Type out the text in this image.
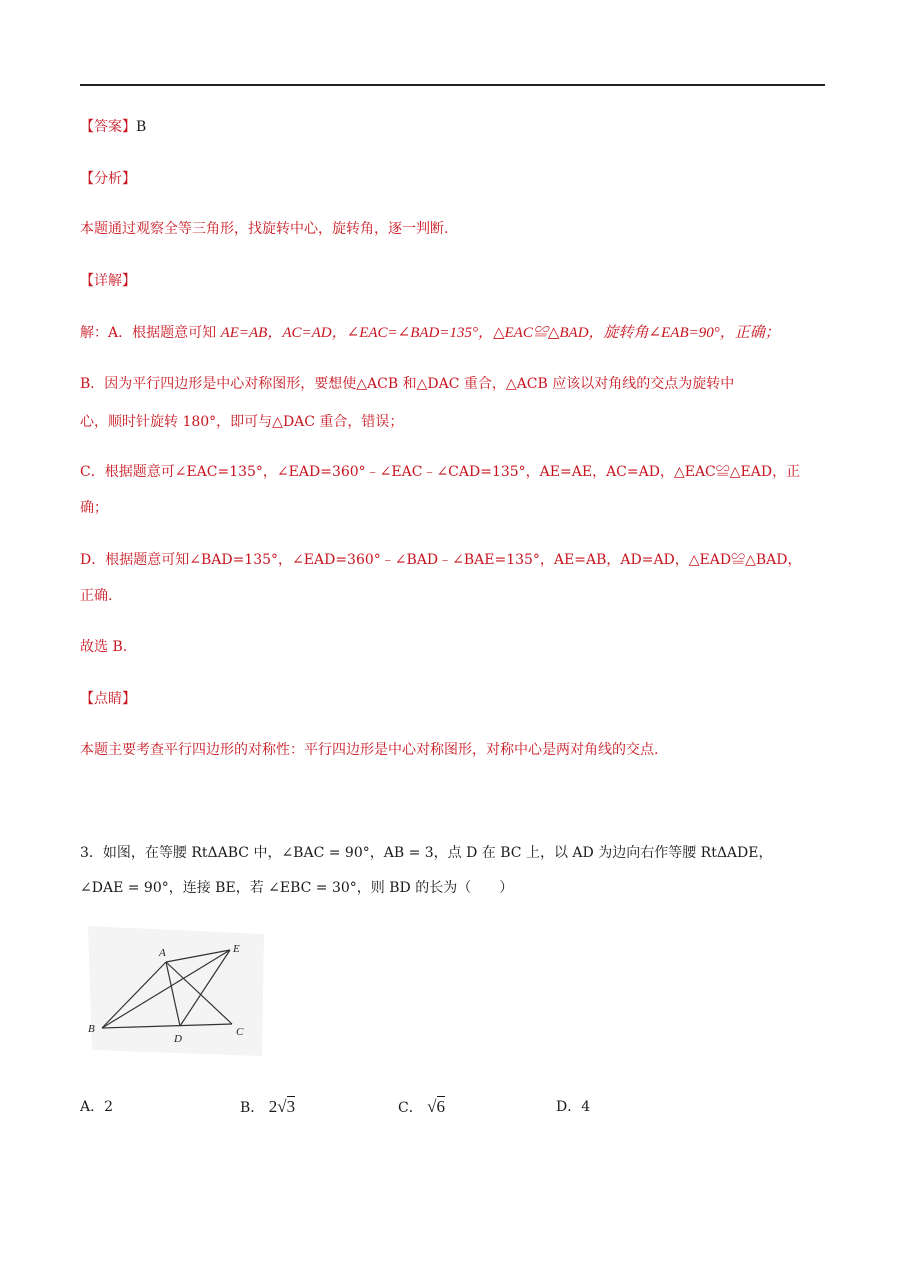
【答案】B
【分析】
本题通过观察全等三角形，找旋转中心，旋转角，逐一判断.
【详解】
解：A．根据题意可知 AE=AB，AC=AD，∠EAC=∠BAD=135°，△EAC≌△BAD，旋转角∠EAB=90°，正确；
B．因为平行四边形是中心对称图形，要想使△ACB 和△DAC 重合，△ACB 应该以对角线的交点为旋转中
心，顺时针旋转 180°，即可与△DAC 重合，错误；
C．根据题意可∠EAC=135°，∠EAD=360°﹣∠EAC﹣∠CAD=135°，AE=AE，AC=AD，△EAC≌△EAD，正
确；
D．根据题意可知∠BAD=135°，∠EAD=360°﹣∠BAD﹣∠BAE=135°，AE=AB，AD=AD，△EAD≌△BAD，
正确.
故选 B.
【点睛】
本题主要考查平行四边形的对称性：平行四边形是中心对称图形，对称中心是两对角线的交点.
3．如图，在等腰 RtΔABC 中，∠BAC = 90°，AB = 3，点 D 在 BC 上，以 AD 为边向右作等腰 RtΔADE，
∠DAE = 90°，连接 BE，若 ∠EBC = 30°，则 BD 的长为（　　）
A	E
B
D
C
A．2	B． 2√3	C． √6	D．4
